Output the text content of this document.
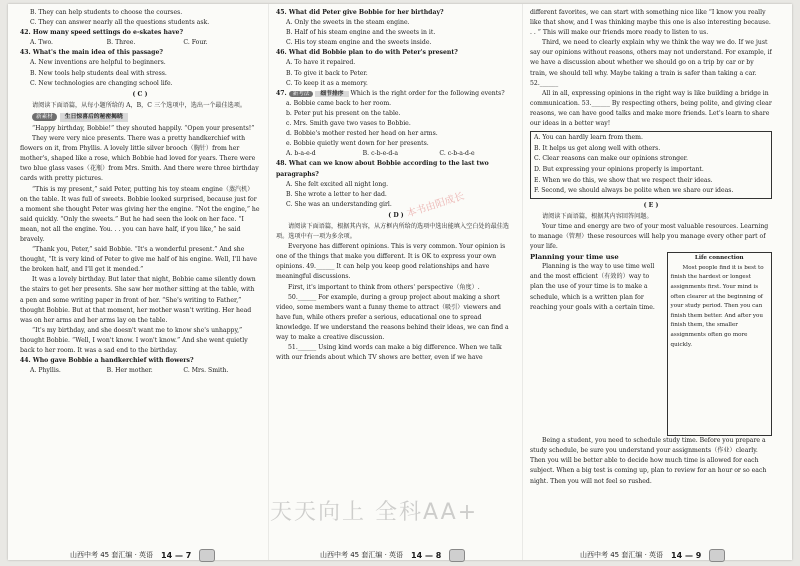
B. They can help students to choose the courses.

C. They can answer nearly all the questions students ask.

42. How many speed settings do e-skates have?

A. Two.	B. Three.	C. Four.

43. What's the main idea of this passage?

A. New inventions are helpful to beginners.

B. New tools help students deal with stress.

C. New technologies are changing school life.

( C )

请阅读下面语篇，从每小题所给的 A，B，C 三个选项中，选出一个最佳选项。

新素材	生日惊喜后的秘密揭晓

“Happy birthday, Bobbie!” they shouted happily. “Open your presents!”

They were very nice presents. There was a pretty handkerchief with flowers on it, from Phyllis. A lovely little silver brooch（胸针）from her mother's, shaped like a rose, which Bobbie had loved for years. There were two blue glass vases（花瓶）from Mrs. Smith. And there were three birthday cards with pretty pictures.

“This is my present,” said Peter, putting his toy steam engine（蒸汽机）on the table. It was full of sweets. Bobbie looked surprised, because just for a moment she thought Peter was giving her the engine. “Not the engine,” he said quickly. “Only the sweets.” But he had seen the look on her face. “I mean, not all the engine. You. . . you can have half, if you like,” he said bravely.

“Thank you, Peter,” said Bobbie. “It's a wonderful present.” And she thought, “It is very kind of Peter to give me half of his engine. Well, I'll have the broken half, and I'll get it mended.”

It was a lovely birthday. But later that night, Bobbie came silently down the stairs to get her presents. She saw her mother sitting at the table, with a pen and some writing paper in front of her. “She's writing to Father,” thought Bobbie. But at that moment, her mother wasn't writing. Her head was on her arms and her arms lay on the table.

“It's my birthday, and she doesn't want me to know she's unhappy,” thought Bobbie. “Well, I won't know. I won't know.” And she went quietly back to her room. It was a sad end to the birthday.

44. Who gave Bobbie a handkerchief with flowers?

A. Phyllis.	B. Her mother.	C. Mrs. Smith.

45. What did Peter give Bobbie for her birthday?

A. Only the sweets in the steam engine.

B. Half of his steam engine and the sweets in it.

C. His toy steam engine and the sweets inside.

46. What did Bobbie plan to do with Peter's present?

A. To have it repaired.

B. To give it back to Peter.

C. To keep it as a memory.

47. 新考法 细节排序 Which is the right order for the following events?

a. Bobbie came back to her room.

b. Peter put his present on the table.

c. Mrs. Smith gave two vases to Bobbie.

d. Bobbie's mother rested her head on her arms.

e. Bobbie quietly went down for her presents.

A. b-a-e-d	B. c-b-e-d-a	C. c-b-a-d-e

48. What can we know about Bobbie according to the last two paragraphs?

A. She felt excited all night long.

B. She wrote a letter to her dad.

C. She was an understanding girl.

( D )

请阅读下面语篇，根据其内容，从方框内所给的选项中选出能填入空白处的最佳选项。选项中有一项为多余项。

Everyone has different opinions. This is very common. Your opinion is one of the things that make you different. It is OK to express your own opinions. 49.______ It can help you keep good relationships and have meaningful discussions.

First, it's important to think from others' perspective（角度）.

50.______ For example, during a group project about making a short video, some members want a funny theme to attract（吸引）viewers and have fun, while others prefer a serious, educational one to spread knowledge. If we understand the reasons behind their ideas, we can find a way to make a creative discussion.

51.______ Using kind words can make a big difference. When we talk with our friends about which TV shows are better, even if we have

本书由阳成长

different favorites, we can start with something nice like “I know you really like that show, and I was thinking maybe this one is also interesting because. . . ” This will make our friends more ready to listen to us.

Third, we need to clearly explain why we think the way we do. If we just say our opinions without reasons, others may not understand. For example, if we have a discussion about whether we should go on a trip by car or by train, we should tell why. Maybe taking a train is safer than taking a car. 52.______

All in all, expressing opinions in the right way is like building a bridge in communication. 53.______ By respecting others, being polite, and giving clear reasons, we can have good talks and make more friends. Let's learn to share our ideas in a better way!

A. You can hardly learn from them.

B. It helps us get along well with others.

C. Clear reasons can make our opinions stronger.

D. But expressing your opinions properly is important.

E. When we do this, we show that we respect their ideas.

F. Second, we should always be polite when we share our ideas.

( E )

请阅读下面语篇，根据其内容回答问题。

Your time and energy are two of your most valuable resources. Learning to manage（管理）these resources will help you manage every other part of your life.

Planning your time use

Planning is the way to use time well and the most efficient（有效的）way to plan the use of your time is to make a schedule, which is a written plan for reaching your goals with a certain time.

Life connection

Most people find it is best to finish the hardest or longest assignments first. Your mind is often clearer at the beginning of your study period. Then you can finish them better. And after you finish them, the smaller assignments often go more quickly.

Being a student, you need to schedule study time. Before you prepare a study schedule, be sure you understand your assignments（作业）clearly. Then you will be better able to decide how much time is allowed for each subject. When a big test is coming up, plan to review for an hour or so each night. Then you will not feel so rushed.

天天向上 全科AA+
山西中考 45 套汇编 · 英语 14 — 7	山西中考 45 套汇编 · 英语 14 — 8	山西中考 45 套汇编 · 英语 14 — 9
